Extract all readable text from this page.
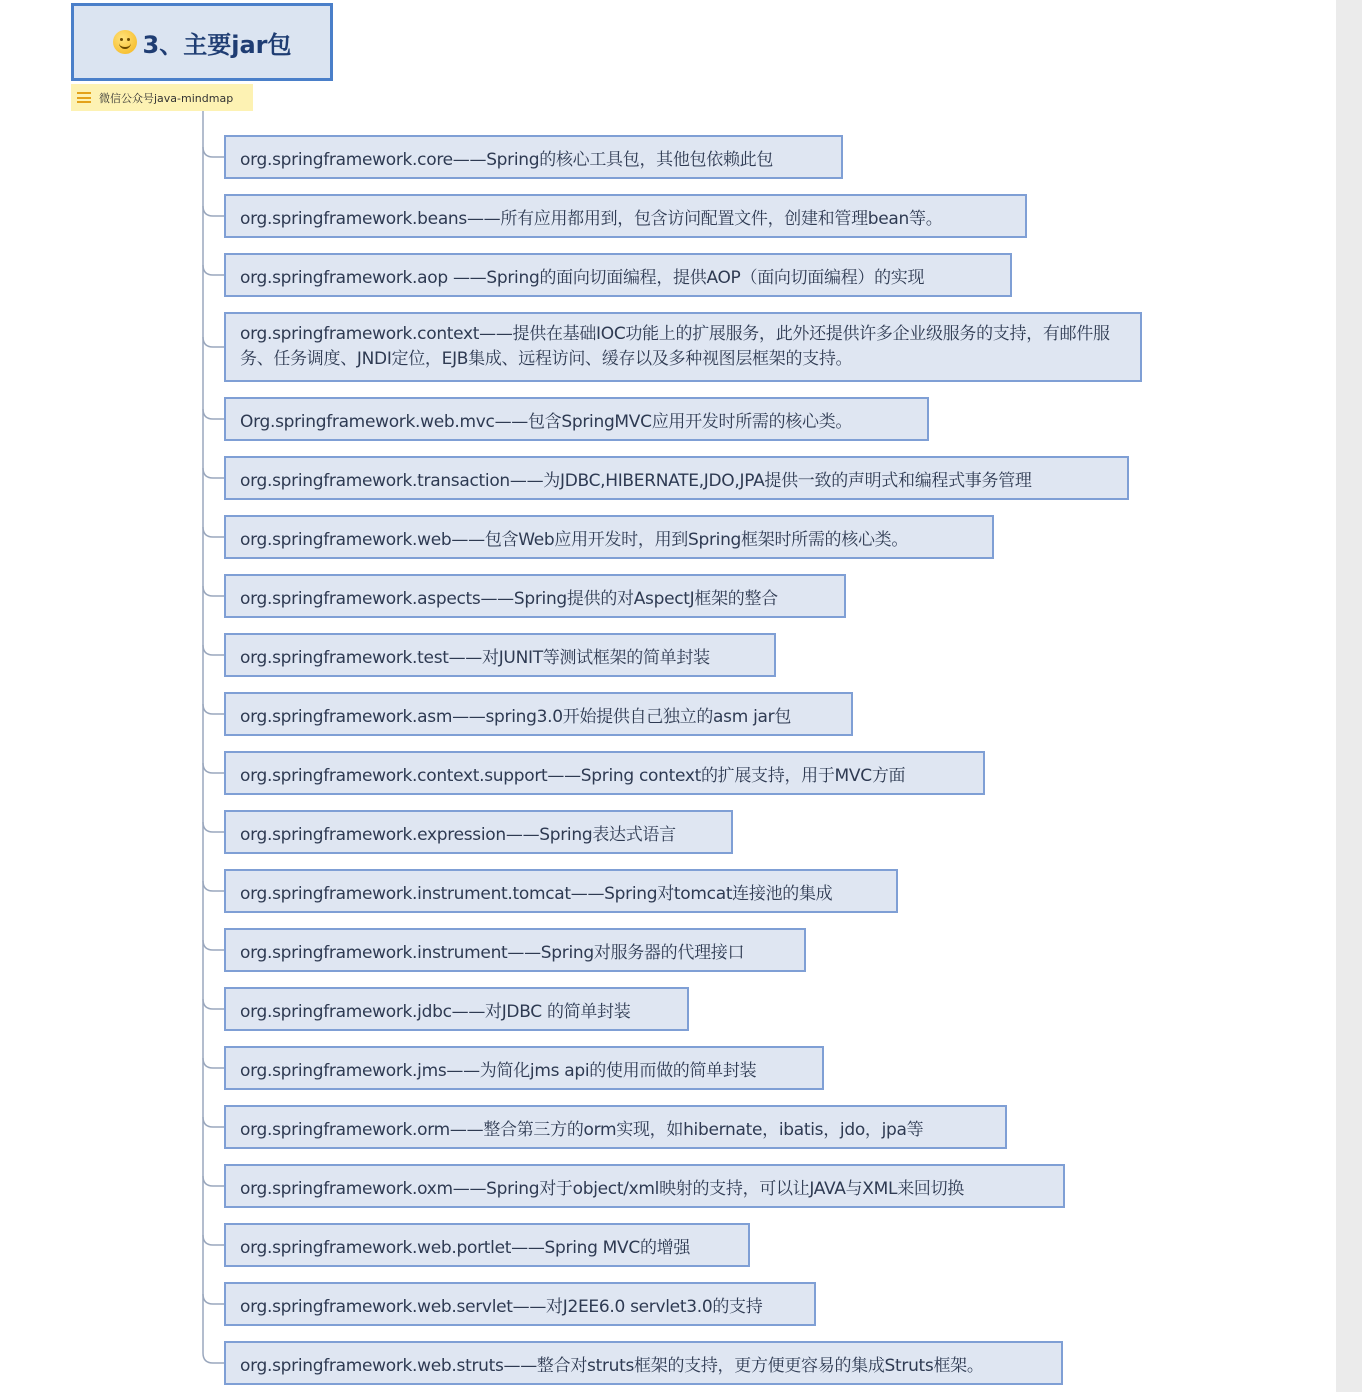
3、主要jar包
微信公众号java-mindmap
org.springframework.core——Spring的核心工具包，其他包依赖此包
org.springframework.beans——所有应用都用到，包含访问配置文件，创建和管理bean等。
org.springframework.aop ——Spring的面向切面编程，提供AOP（面向切面编程）的实现
org.springframework.context——提供在基础IOC功能上的扩展服务，此外还提供许多企业级服务的支持，有邮件服务、任务调度、JNDI定位，EJB集成、远程访问、缓存以及多种视图层框架的支持。
Org.springframework.web.mvc——包含SpringMVC应用开发时所需的核心类。
org.springframework.transaction——为JDBC,HIBERNATE,JDO,JPA提供一致的声明式和编程式事务管理
org.springframework.web——包含Web应用开发时，用到Spring框架时所需的核心类。
org.springframework.aspects——Spring提供的对AspectJ框架的整合
org.springframework.test——对JUNIT等测试框架的简单封装
org.springframework.asm——spring3.0开始提供自己独立的asm jar包
org.springframework.context.support——Spring context的扩展支持，用于MVC方面
org.springframework.expression——Spring表达式语言
org.springframework.instrument.tomcat——Spring对tomcat连接池的集成
org.springframework.instrument——Spring对服务器的代理接口
org.springframework.jdbc——对JDBC 的简单封装
org.springframework.jms——为简化jms api的使用而做的简单封装
org.springframework.orm——整合第三方的orm实现，如hibernate，ibatis，jdo，jpa等
org.springframework.oxm——Spring对于object/xml映射的支持，可以让JAVA与XML来回切换
org.springframework.web.portlet——Spring MVC的增强
org.springframework.web.servlet——对J2EE6.0 servlet3.0的支持
org.springframework.web.struts——整合对struts框架的支持，更方便更容易的集成Struts框架。
